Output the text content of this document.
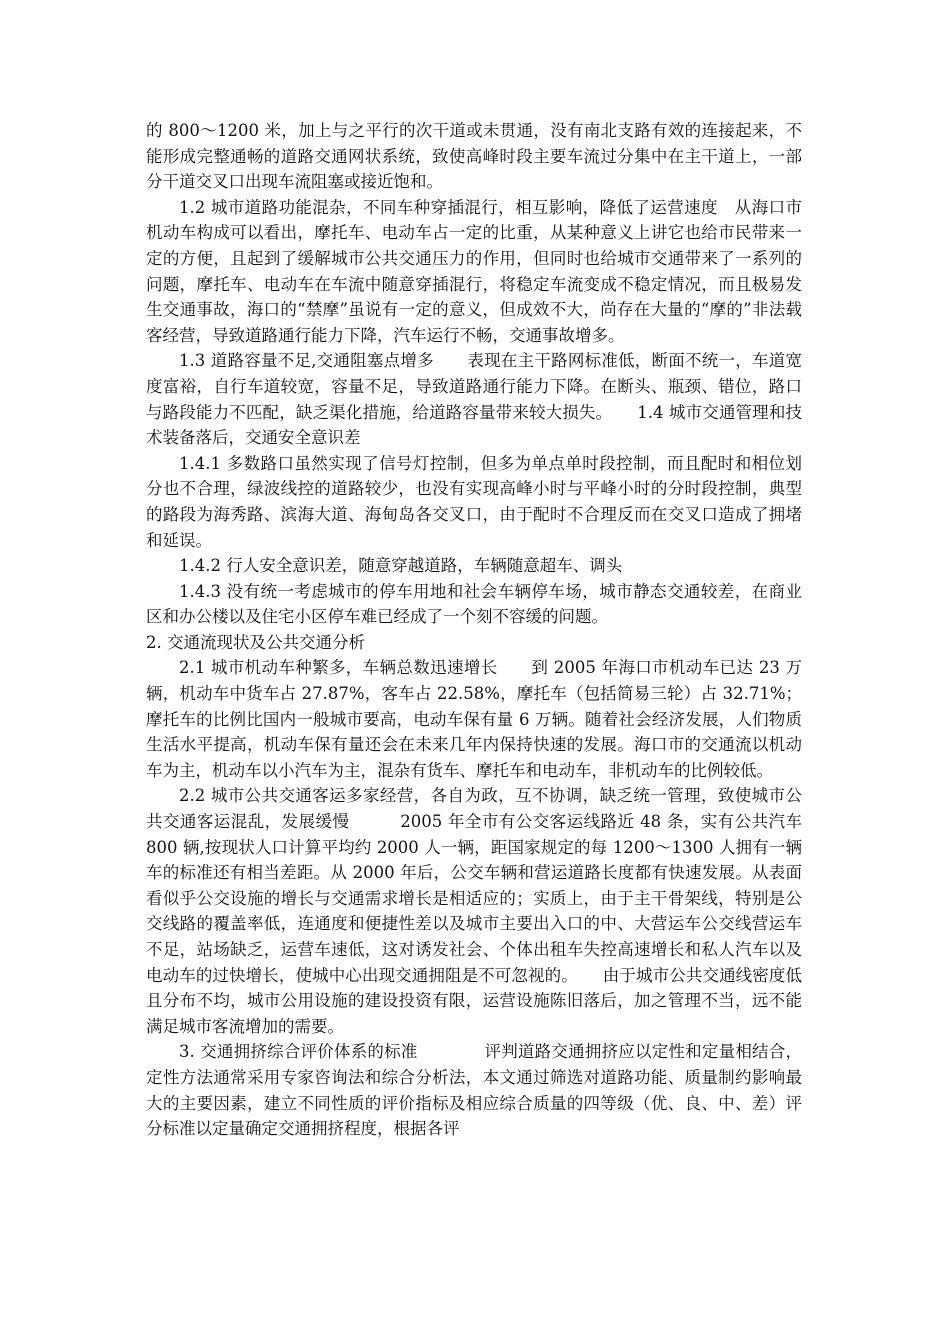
的 800～1200 米，加上与之平行的次干道或未贯通，没有南北支路有效的连接起来，不能形成完整通畅的道路交通网状系统，致使高峰时段主要车流过分集中在主干道上，一部分干道交叉口出现车流阻塞或接近饱和。

1.2 城市道路功能混杂，不同车种穿插混行，相互影响，降低了运营速度　从海口市机动车构成可以看出，摩托车、电动车占一定的比重，从某种意义上讲它也给市民带来一定的方便，且起到了缓解城市公共交通压力的作用，但同时也给城市交通带来了一系列的问题，摩托车、电动车在车流中随意穿插混行，将稳定车流变成不稳定情况，而且极易发生交通事故，海口的“禁摩”虽说有一定的意义，但成效不大，尚存在大量的“摩的”非法载客经营，导致道路通行能力下降，汽车运行不畅，交通事故增多。

1.3 道路容量不足,交通阻塞点增多　　表现在主干路网标准低，断面不统一，车道宽度富裕，自行车道较宽，容量不足，导致道路通行能力下降。在断头、瓶颈、错位，路口与路段能力不匹配，缺乏渠化措施，给道路容量带来较大损失。　　1.4 城市交通管理和技术装备落后，交通安全意识差

1.4.1 多数路口虽然实现了信号灯控制，但多为单点单时段控制，而且配时和相位划分也不合理，绿波线控的道路较少，也没有实现高峰小时与平峰小时的分时段控制，典型的路段为海秀路、滨海大道、海甸岛各交叉口，由于配时不合理反而在交叉口造成了拥堵和延误。

1.4.2 行人安全意识差，随意穿越道路，车辆随意超车、调头

1.4.3 没有统一考虑城市的停车用地和社会车辆停车场，城市静态交通较差，在商业区和办公楼以及住宅小区停车难已经成了一个刻不容缓的问题。

2. 交通流现状及公共交通分析

2.1 城市机动车种繁多，车辆总数迅速增长　　到 2005 年海口市机动车已达 23 万辆，机动车中货车占 27.87%，客车占 22.58%，摩托车（包括简易三轮）占 32.71%；摩托车的比例比国内一般城市要高，电动车保有量 6 万辆。随着社会经济发展，人们物质生活水平提高，机动车保有量还会在未来几年内保持快速的发展。海口市的交通流以机动车为主，机动车以小汽车为主，混杂有货车、摩托车和电动车，非机动车的比例较低。

2.2 城市公共交通客运多家经营，各自为政，互不协调，缺乏统一管理，致使城市公共交通客运混乱，发展缓慢　　　2005 年全市有公交客运线路近 48 条，实有公共汽车 800 辆,按现状人口计算平均约 2000 人一辆，距国家规定的每 1200～1300 人拥有一辆车的标准还有相当差距。从 2000 年后，公交车辆和营运道路长度都有快速发展。从表面看似乎公交设施的增长与交通需求增长是相适应的；实质上，由于主干骨架线，特别是公交线路的覆盖率低，连通度和便捷性差以及城市主要出入口的中、大营运车公交线营运车不足，站场缺乏，运营车速低，这对诱发社会、个体出租车失控高速增长和私人汽车以及电动车的过快增长，使城中心出现交通拥阻是不可忽视的。　　由于城市公共交通线密度低且分布不均，城市公用设施的建设投资有限，运营设施陈旧落后，加之管理不当，远不能满足城市客流增加的需要。

3. 交通拥挤综合评价体系的标准　　　　评判道路交通拥挤应以定性和定量相结合，定性方法通常采用专家咨询法和综合分析法，本文通过筛选对道路功能、质量制约影响最大的主要因素，建立不同性质的评价指标及相应综合质量的四等级（优、良、中、差）评分标准以定量确定交通拥挤程度，根据各评
